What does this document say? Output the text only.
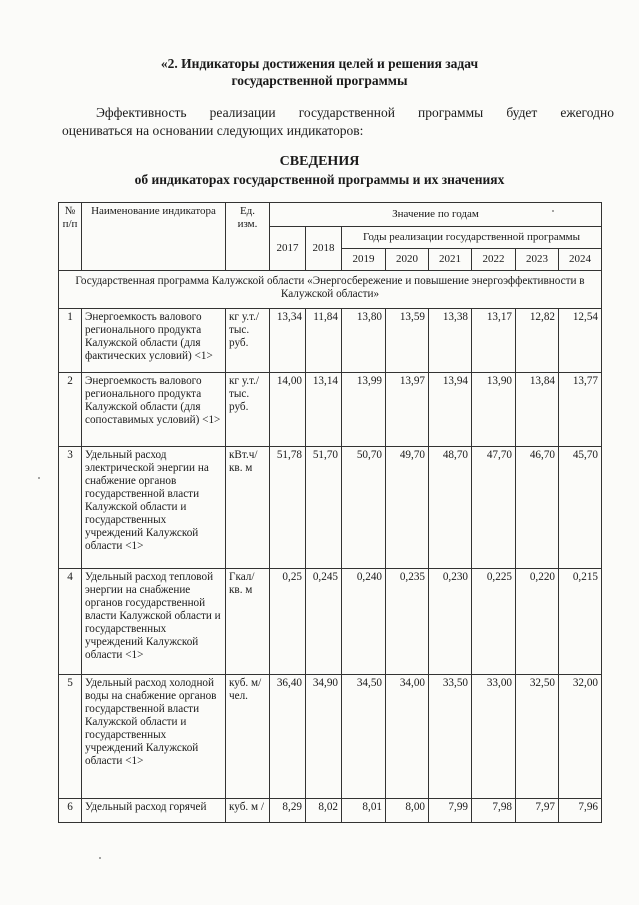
«2. Индикаторы достижения целей и решения задач
государственной программы
Эффективность реализации государственной программы будет ежегодно
оцениваться на основании следующих индикаторов:
СВЕДЕНИЯ
об индикаторах государственной программы и их значениях
№ п/п	Наименование индикатора	Ед. изм.	Значение по годам							
			2017	2018	Годы реализации государственной программы					
					2019	2020	2021	2022	2023	2024
Государственная программа Калужской области «Энергосбережение и повышение энергоэффективности в Калужской области»										
1	Энергоемкость валового регионального продукта Калужской области (для фактических условий) <1>	кг у.т./ тыс. руб.	13,34	11,84	13,80	13,59	13,38	13,17	12,82	12,54
2	Энергоемкость валового регионального продукта Калужской области (для сопоставимых условий) <1>	кг у.т./ тыс. руб.	14,00	13,14	13,99	13,97	13,94	13,90	13,84	13,77
3	Удельный расход электрической энергии на снабжение органов государственной власти Калужской области и государственных учреждений Калужской области <1>	кВт.ч/ кв. м	51,78	51,70	50,70	49,70	48,70	47,70	46,70	45,70
4	Удельный расход тепловой энергии на снабжение органов государственной власти Калужской области и государственных учреждений Калужской области <1>	Гкал/ кв. м	0,25	0,245	0,240	0,235	0,230	0,225	0,220	0,215
5	Удельный расход холодной воды на снабжение органов государственной власти Калужской области и государственных учреждений Калужской области <1>	куб. м/ чел.	36,40	34,90	34,50	34,00	33,50	33,00	32,50	32,00
6	Удельный расход горячей	куб. м /	8,29	8,02	8,01	8,00	7,99	7,98	7,97	7,96
